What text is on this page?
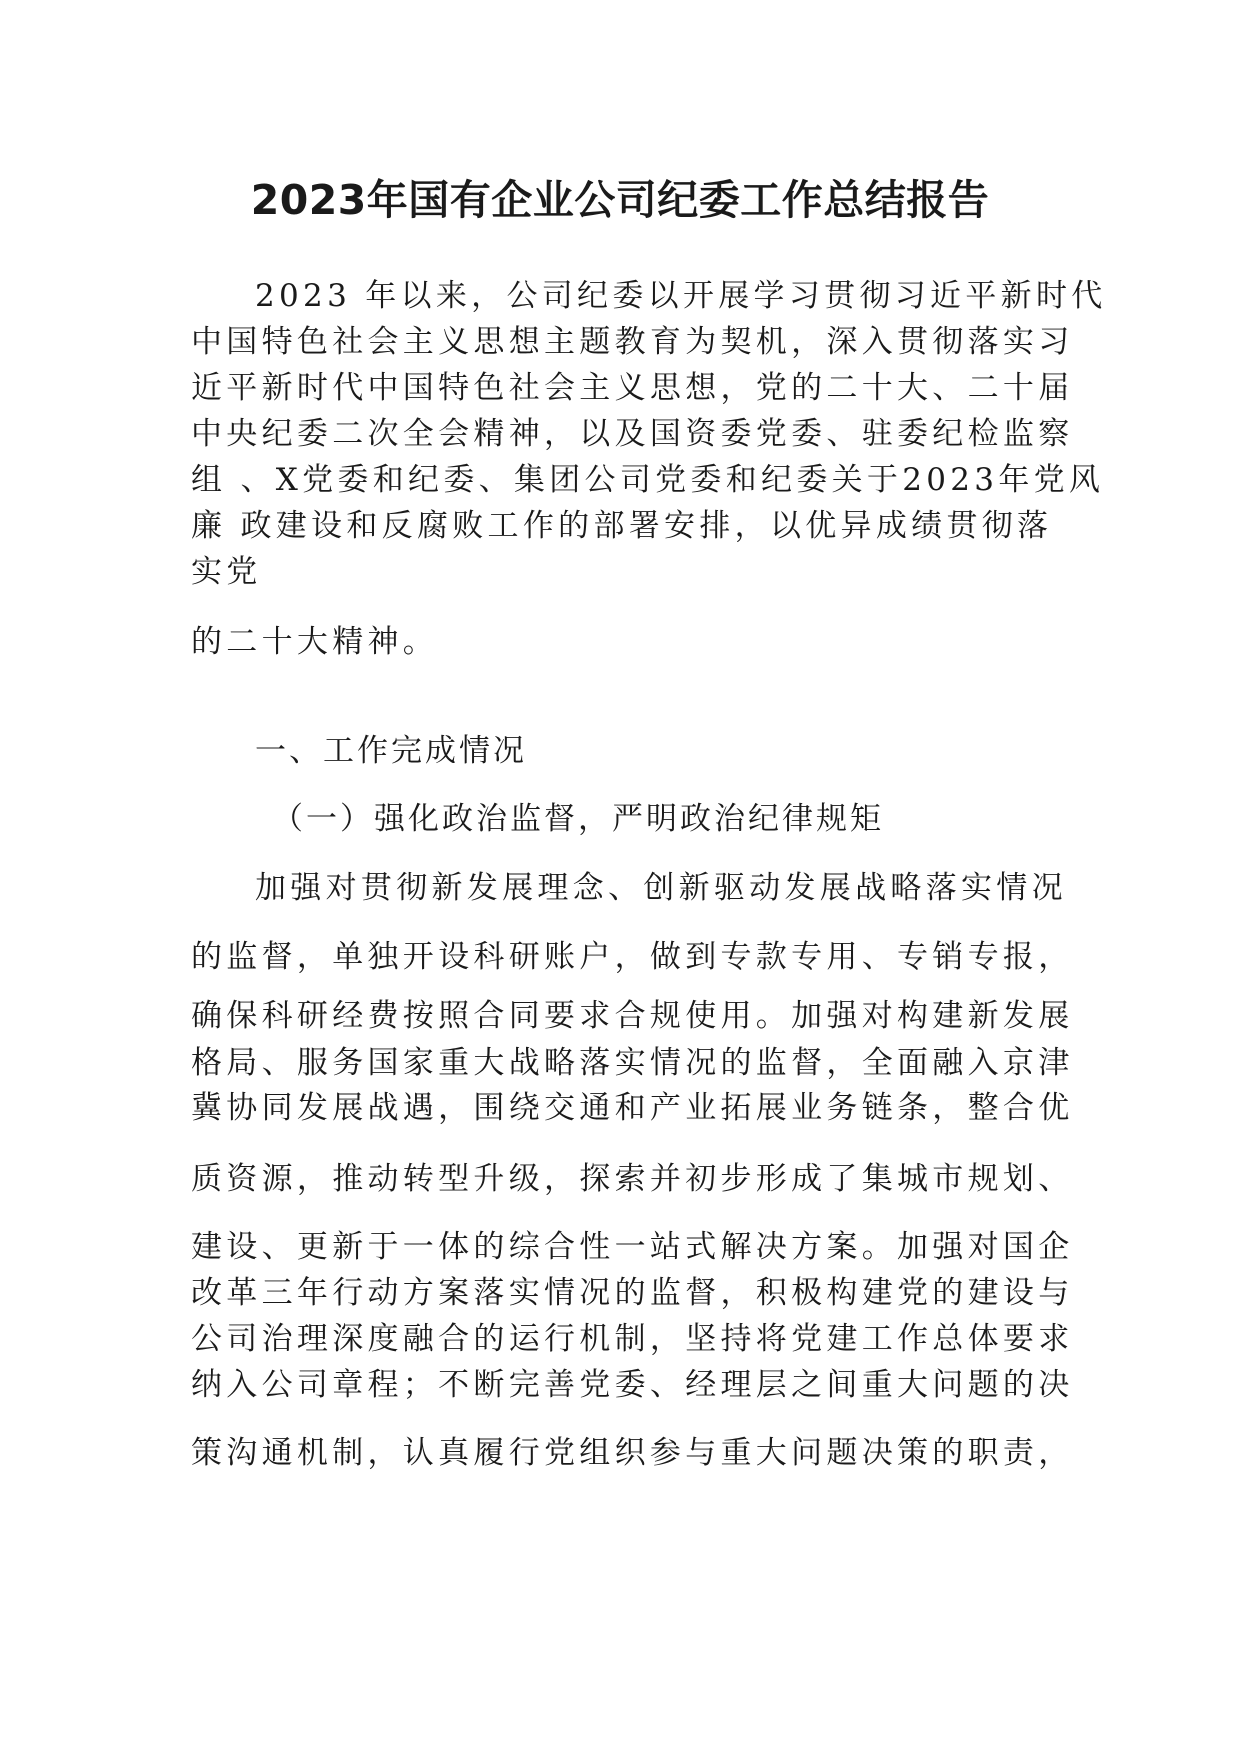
2023年国有企业公司纪委工作总结报告
2023 年以来，公司纪委以开展学习贯彻习近平新时代
中国特色社会主义思想主题教育为契机，深入贯彻落实习
近平新时代中国特色社会主义思想，党的二十大、二十届
中央纪委二次全会精神，以及国资委党委、驻委纪检监察
组 、X党委和纪委、集团公司党委和纪委关于2023年党风
廉 政建设和反腐败工作的部署安排，以优异成绩贯彻落
实党
的二十大精神。
一、工作完成情况
（一）强化政治监督，严明政治纪律规矩
加强对贯彻新发展理念、创新驱动发展战略落实情况
的监督，单独开设科研账户，做到专款专用、专销专报，
确保科研经费按照合同要求合规使用。加强对构建新发展
格局、服务国家重大战略落实情况的监督，全面融入京津
冀协同发展战遇，围绕交通和产业拓展业务链条，整合优
质资源，推动转型升级，探索并初步形成了集城市规划、
建设、更新于一体的综合性一站式解决方案。加强对国企
改革三年行动方案落实情况的监督，积极构建党的建设与
公司治理深度融合的运行机制，坚持将党建工作总体要求
纳入公司章程；不断完善党委、经理层之间重大问题的决
策沟通机制，认真履行党组织参与重大问题决策的职责，
